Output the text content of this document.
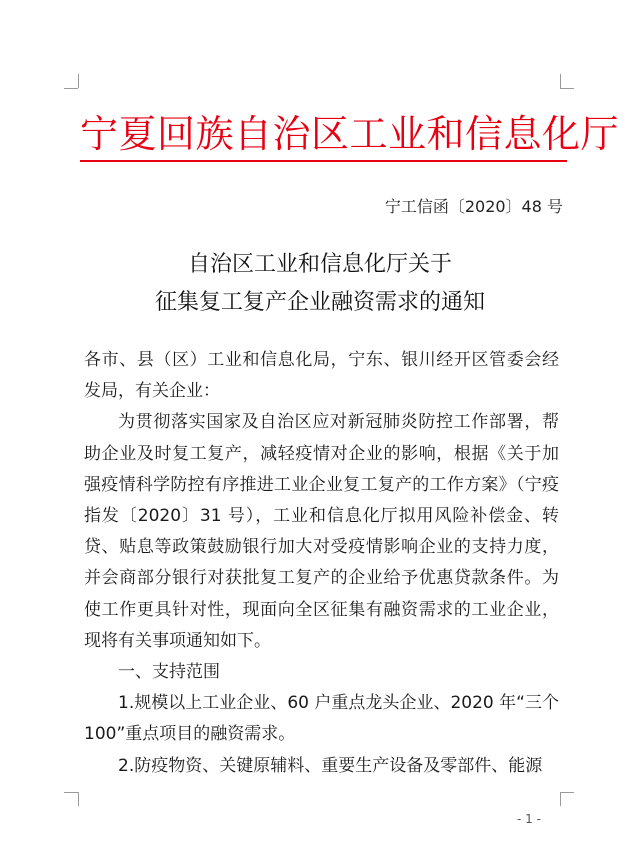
宁夏回族自治区工业和信息化厅
宁工信函〔2020〕48 号
自治区工业和信息化厅关于
征集复工复产企业融资需求的通知

各市、县（区）工业和信息化局，宁东、银川经开区管委会经发局，有关企业：

为贯彻落实国家及自治区应对新冠肺炎防控工作部署，帮助企业及时复工复产，减轻疫情对企业的影响，根据《关于加强疫情科学防控有序推进工业企业复工复产的工作方案》（宁疫指发〔2020〕31 号），工业和信息化厅拟用风险补偿金、转贷、贴息等政策鼓励银行加大对受疫情影响企业的支持力度，并会商部分银行对获批复工复产的企业给予优惠贷款条件。为使工作更具针对性，现面向全区征集有融资需求的工业企业，现将有关事项通知如下。

一、支持范围

1.规模以上工业企业、60 户重点龙头企业、2020 年“三个 100”重点项目的融资需求。

2.防疫物资、关键原辅料、重要生产设备及零部件、能源

- 1 -
